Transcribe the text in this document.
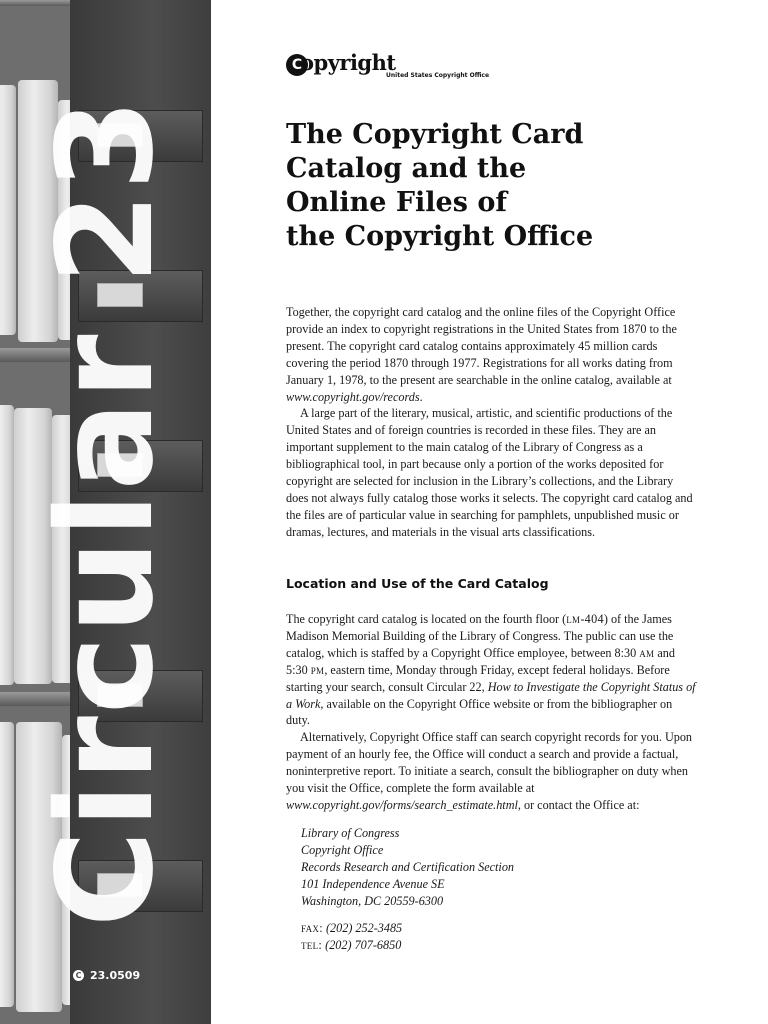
Circular 23
C 23.0509
C
opyright
United States Copyright Office
The Copyright Card
Catalog and the
Online Files of
the Copyright Office

Together, the copyright card catalog and the online files of the Copyright Office provide an index to copyright registrations in the United States from 1870 to the present. The copyright card catalog contains approximately 45 million cards covering the period 1870 through 1977. Registrations for all works dating from January 1, 1978, to the present are searchable in the online catalog, available at www.copyright.gov/records.

A large part of the literary, musical, artistic, and scientific productions of the United States and of foreign countries is recorded in these files. They are an important supplement to the main catalog of the Library of Congress as a bibliographical tool, in part because only a portion of the works deposited for copyright are selected for inclusion in the Library’s collections, and the Library does not always fully catalog those works it selects. The copyright card catalog and the files are of particular value in searching for pamphlets, unpublished music or dramas, lectures, and materials in the visual arts classifications.

Location and Use of the Card Catalog

The copyright card catalog is located on the fourth floor (lm-404) of the James Madison Memorial Building of the Library of Congress. The public can use the catalog, which is staffed by a Copyright Office employee, between 8:30 am and 5:30 pm, eastern time, Monday through Friday, except federal holidays. Before starting your search, consult Circular 22, How to Investigate the Copyright Status of a Work, available on the Copyright Office website or from the bibliographer on duty.

Alternatively, Copyright Office staff can search copyright records for you. Upon payment of an hourly fee, the Office will conduct a search and provide a factual, noninterpretive report. To initiate a search, consult the bibliographer on duty when you visit the Office, complete the form available at www.copyright.gov/forms/search_estimate.html, or contact the Office at:

Library of Congress
Copyright Office
Records Research and Certification Section
101 Independence Avenue SE
Washington, DC 20559-6300
fax: (202) 252-3485
tel: (202) 707-6850
